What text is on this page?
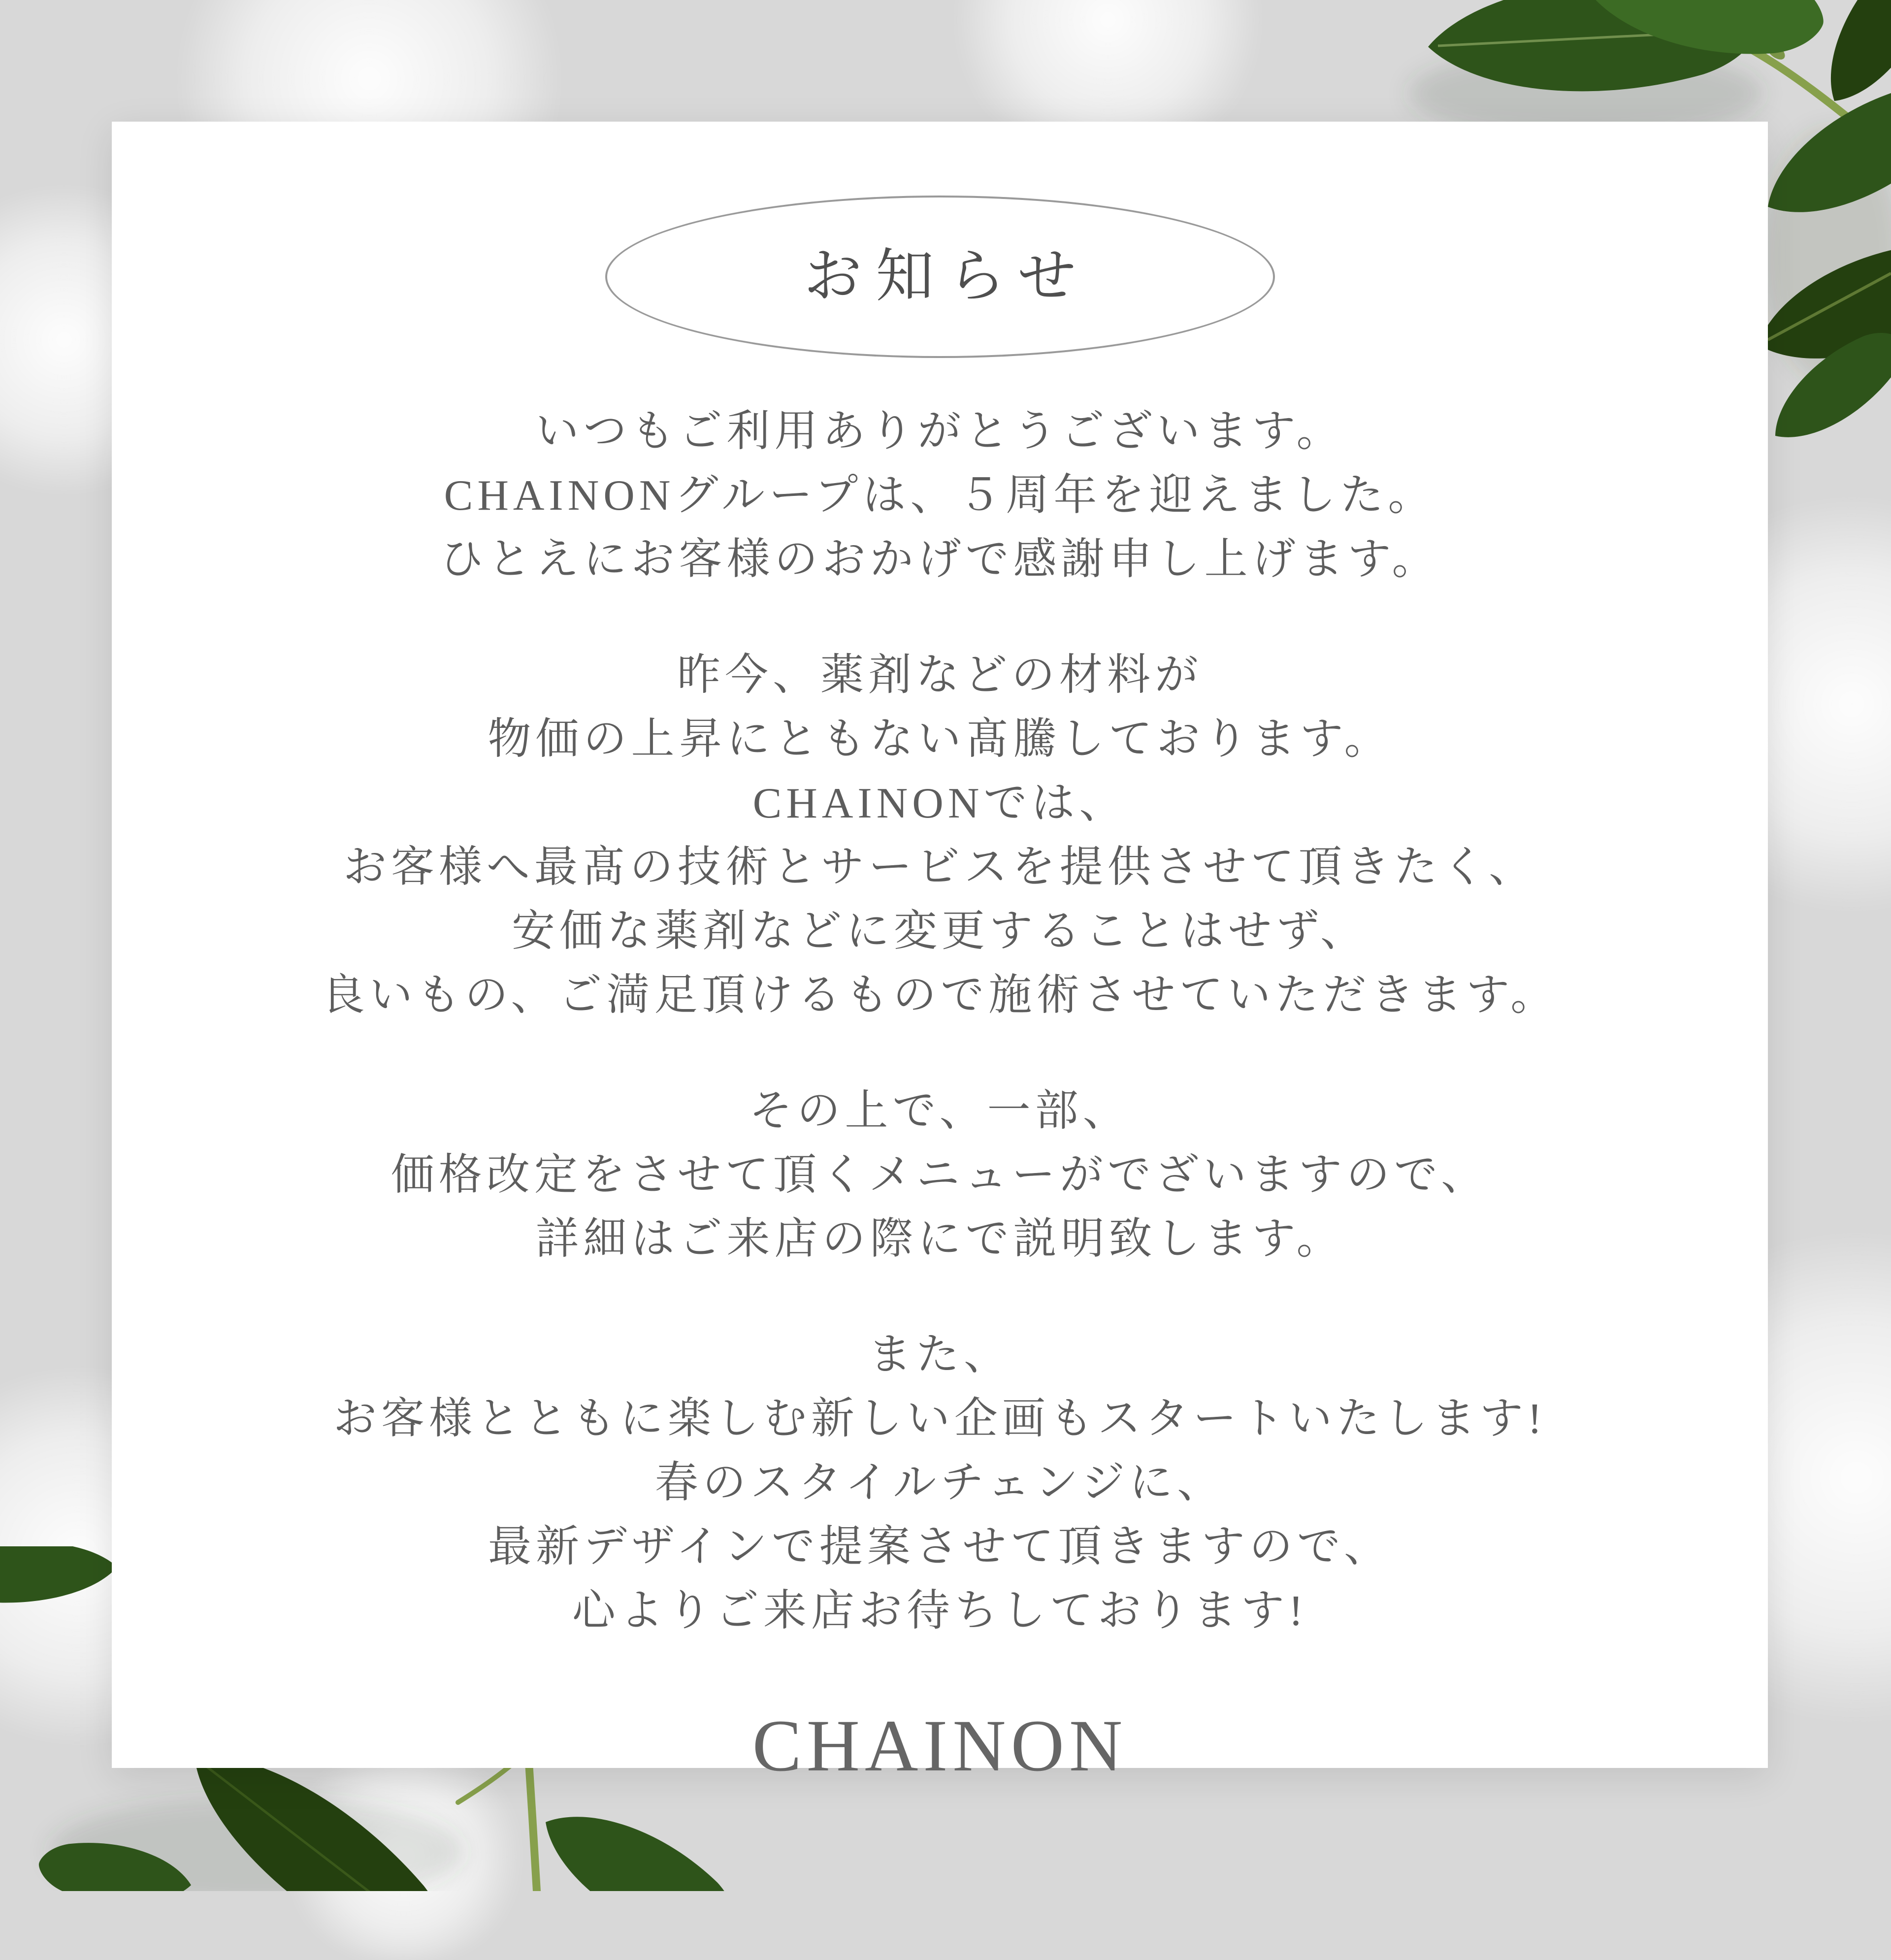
お知らせ

いつもご利用ありがとうございます。
CHAINONグループは、５周年を迎えました。
ひとえにお客様のおかげで感謝申し上げます。

昨今、薬剤などの材料が
物価の上昇にともない髙騰しております。
CHAINONでは、
お客様へ最髙の技術とサービスを提供させて頂きたく、
安価な薬剤などに変更することはせず、
良いもの、ご満足頂けるもので施術させていただきます。

その上で、一部、
価格改定をさせて頂くメニューがでざいますので、
詳細はご来店の際にで説明致します。

また、
お客様とともに楽しむ新しい企画もスタートいたします!
春のスタイルチェンジに、
最新デザインで提案させて頂きますので、
心よりご来店お待ちしております!

CHAINON
